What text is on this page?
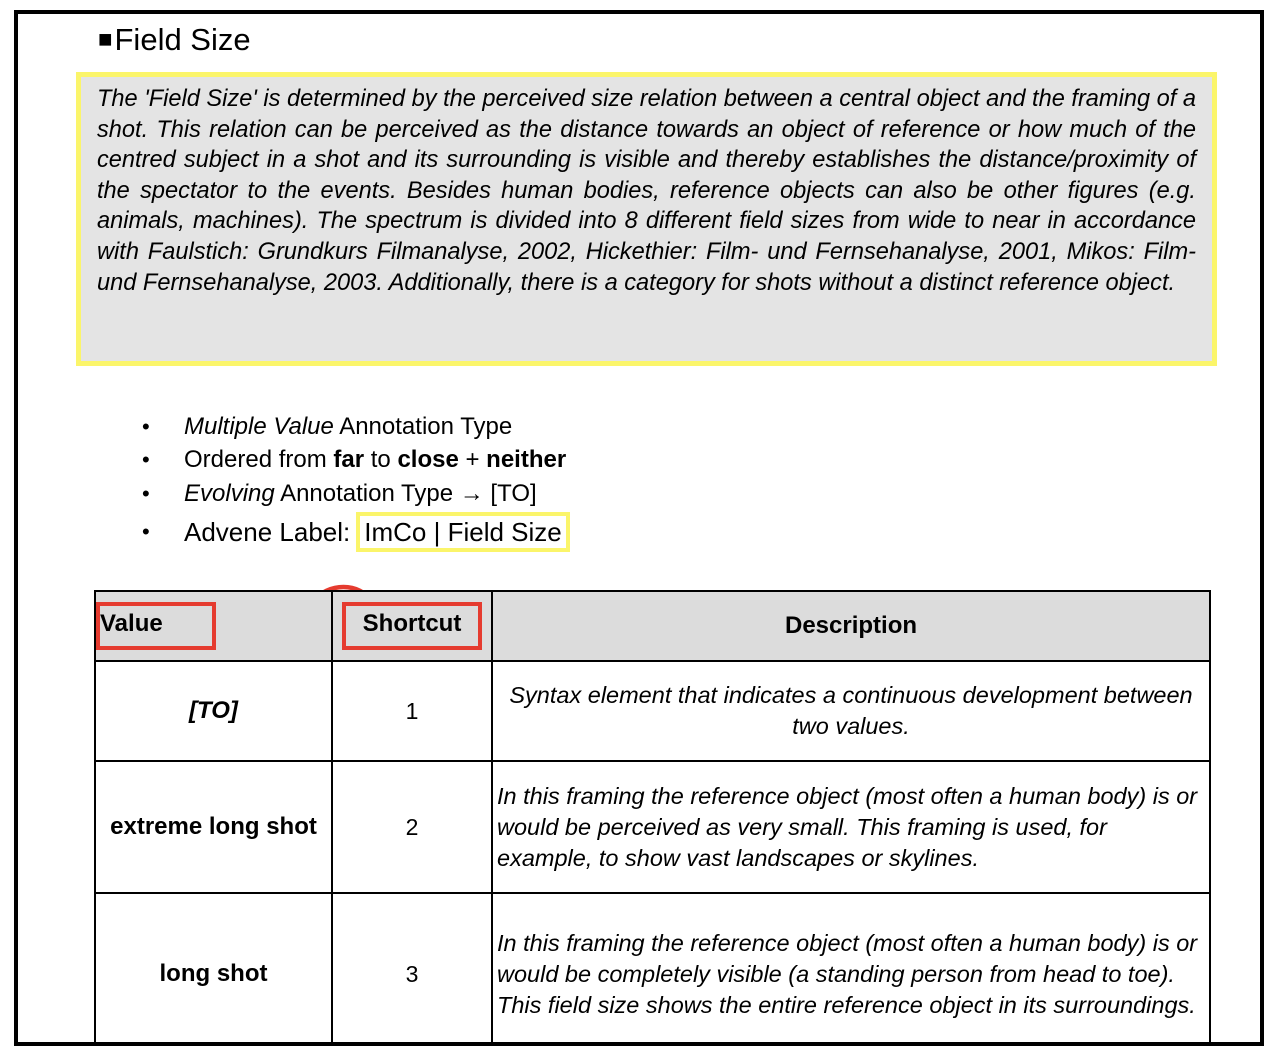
■Field Size
The 'Field Size' is determined by the perceived size relation between a central object and the framing of a shot. This relation can be perceived as the distance towards an object of reference or how much of the centred subject in a shot and its surrounding is visible and thereby establishes the distance/proximity of the spectator to the events. Besides human bodies, reference objects can also be other figures (e.g. animals, machines). The spectrum is divided into 8 different field sizes from wide to near in accordance with Faulstich: Grundkurs Filmanalyse, 2002, Hickethier: Film- und Fernsehanalyse, 2001, Mikos: Film- und Fernsehanalyse, 2003. Additionally, there is a category for shots without a distinct reference object.
• Multiple Value Annotation Type
• Ordered from far to close + neither
• Evolving Annotation Type → [TO]
• Advene Label: ImCo | Field Size
Value	Shortcut	Description
[TO]	1	Syntax element that indicates a continuous development between two values.
extreme long shot	2	In this framing the reference object (most often a human body) is or would be perceived as very small. This framing is used, for example, to show vast landscapes or skylines.
long shot	3	In this framing the reference object (most often a human body) is or would be completely visible (a standing person from head to toe). This field size shows the entire reference object in its surroundings.
